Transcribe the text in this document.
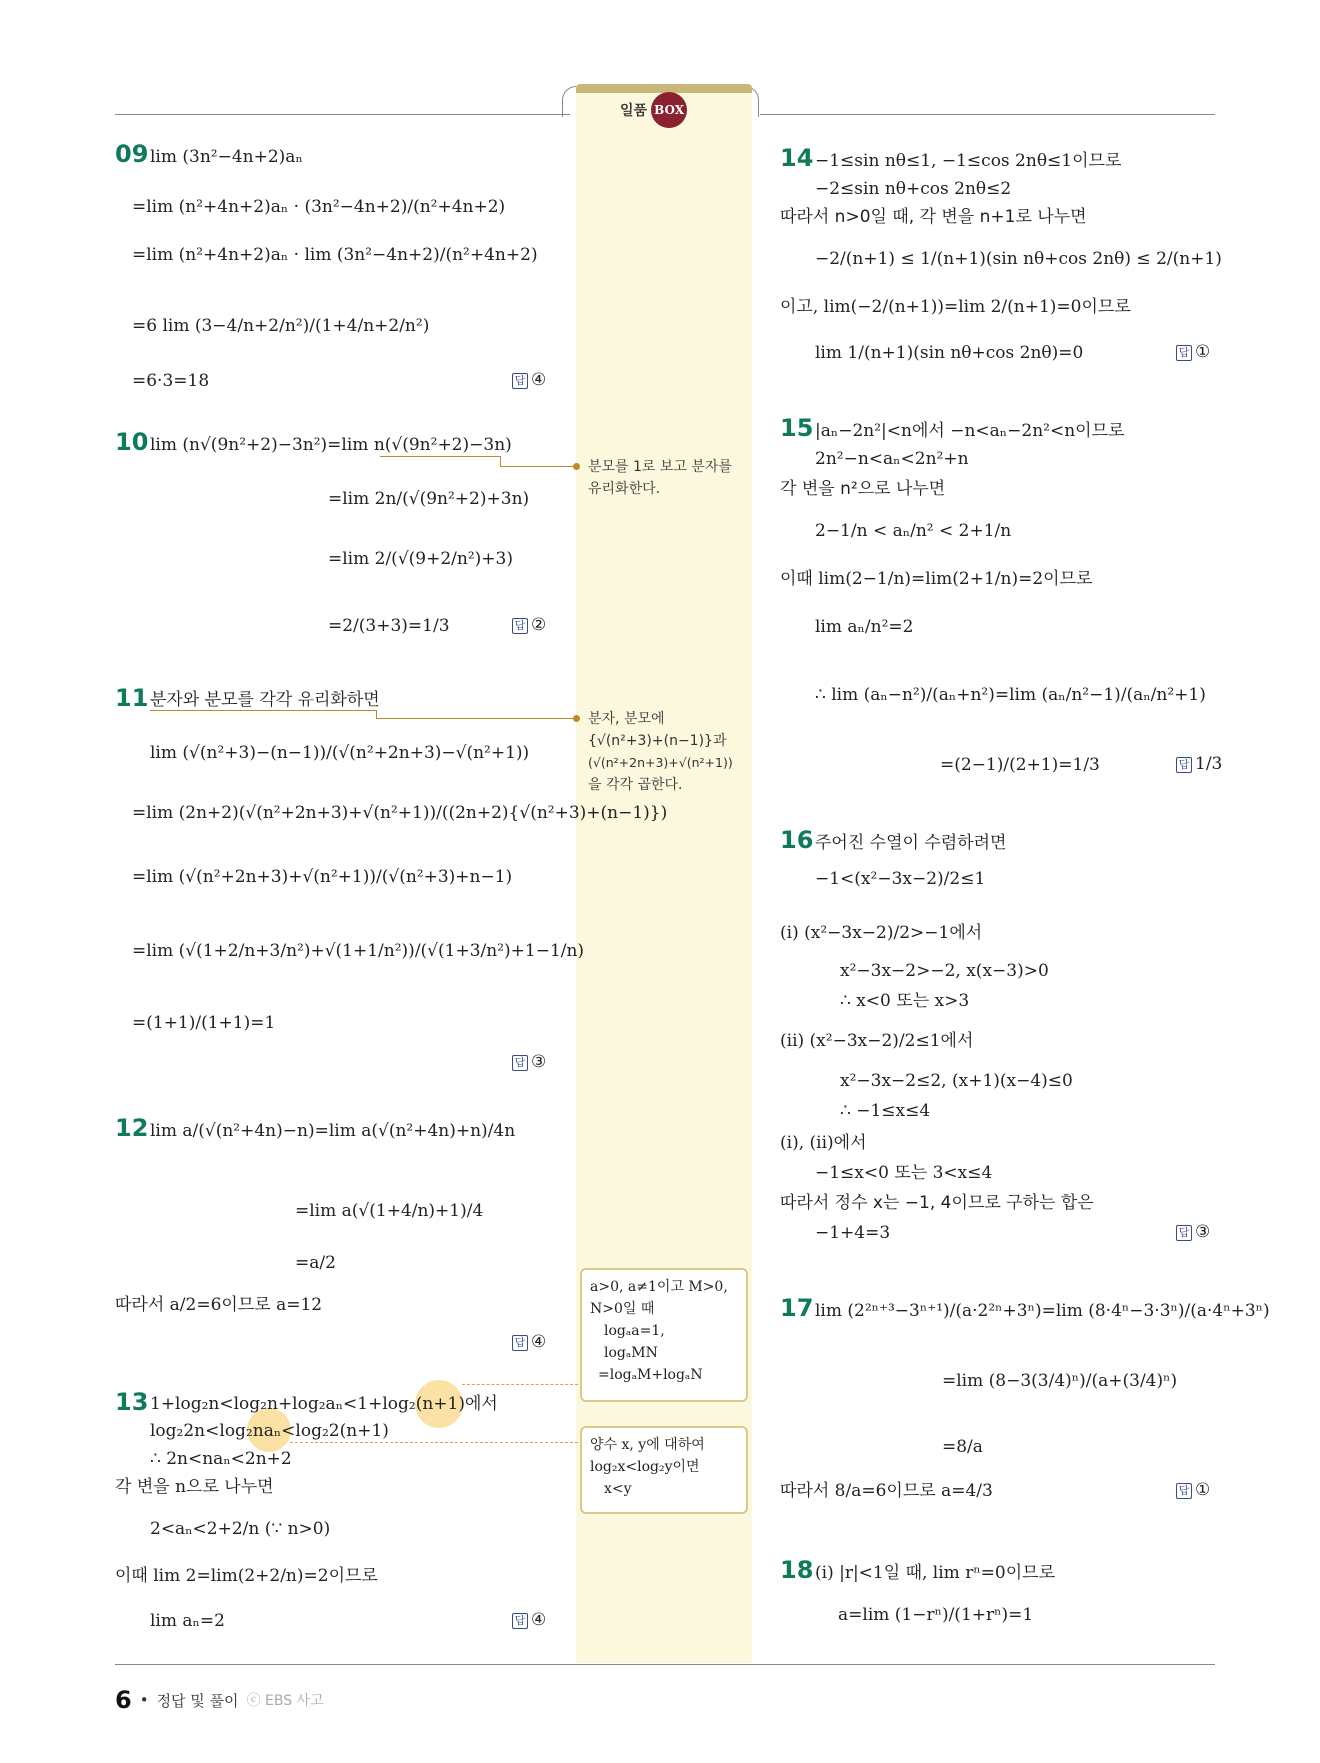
일품 BOX
09 lim (3n²−4n+2)aₙ
=lim (n²+4n+2)aₙ · (3n²−4n+2)/(n²+4n+2)
=lim (n²+4n+2)aₙ · lim (3n²−4n+2)/(n²+4n+2)
=6 lim (3−4/n+2/n²)/(1+4/n+2/n²)
=6·3=18	답 ④
10 lim (n√(9n²+2)−3n²)=lim n(√(9n²+2)−3n)
=lim 2n/(√(9n²+2)+3n)
=lim 2/(√(9+2/n²)+3)
=2/(3+3)=1/3	답 ②
분모를 1로 보고 분자를 유리화한다.
11 분자와 분모를 각각 유리화하면
lim (√(n²+3)−(n−1))/(√(n²+2n+3)−√(n²+1))
=lim (2n+2)(√(n²+2n+3)+√(n²+1))/((2n+2){√(n²+3)+(n−1)})
=lim (√(n²+2n+3)+√(n²+1))/(√(n²+3)+n−1)
=lim (√(1+2/n+3/n²)+√(1+1/n²))/(√(1+3/n²)+1−1/n)
=(1+1)/(1+1)=1
답 ③
분자, 분모에
{√(n²+3)+(n−1)}과
(√(n²+2n+3)+√(n²+1))
을 각각 곱한다.
12 lim a/(√(n²+4n)−n)=lim a(√(n²+4n)+n)/4n
=lim a(√(1+4/n)+1)/4
=a/2
따라서 a/2=6이므로 a=12
답 ④
a>0, a≠1이고 M>0,
N>0일 때
logₐa=1,
logₐMN
=logₐM+logₐN
13 1+log₂n<log₂n+log₂aₙ<1+log₂(n+1)에서
log₂2n<log₂naₙ<log₂2(n+1)
∴ 2n<naₙ<2n+2
각 변을 n으로 나누면
2<aₙ<2+2/n (∵ n>0)
이때 lim 2=lim(2+2/n)=2이므로
lim aₙ=2	답 ④
양수 x, y에 대하여
log₂x<log₂y이면
x<y
14 −1≤sin nθ≤1, −1≤cos 2nθ≤1이므로
−2≤sin nθ+cos 2nθ≤2
따라서 n>0일 때, 각 변을 n+1로 나누면
−2/(n+1) ≤ 1/(n+1)(sin nθ+cos 2nθ) ≤ 2/(n+1)
이고, lim(−2/(n+1))=lim 2/(n+1)=0이므로
lim 1/(n+1)(sin nθ+cos 2nθ)=0	답 ①
15 |aₙ−2n²|<n에서 −n<aₙ−2n²<n이므로
2n²−n<aₙ<2n²+n
각 변을 n²으로 나누면
2−1/n < aₙ/n² < 2+1/n
이때 lim(2−1/n)=lim(2+1/n)=2이므로
lim aₙ/n²=2
∴ lim (aₙ−n²)/(aₙ+n²)=lim (aₙ/n²−1)/(aₙ/n²+1)
=(2−1)/(2+1)=1/3	답 1/3
16 주어진 수열이 수렴하려면
−1<(x²−3x−2)/2≤1
(i) (x²−3x−2)/2>−1에서
x²−3x−2>−2, x(x−3)>0
∴ x<0 또는 x>3
(ii) (x²−3x−2)/2≤1에서
x²−3x−2≤2, (x+1)(x−4)≤0
∴ −1≤x≤4
(i), (ii)에서
−1≤x<0 또는 3<x≤4
따라서 정수 x는 −1, 4이므로 구하는 합은
−1+4=3	답 ③
17 lim (2²ⁿ⁺³−3ⁿ⁺¹)/(a·2²ⁿ+3ⁿ)=lim (8·4ⁿ−3·3ⁿ)/(a·4ⁿ+3ⁿ)
=lim (8−3(3/4)ⁿ)/(a+(3/4)ⁿ)
=8/a
따라서 8/a=6이므로 a=4/3	답 ①
18 (i) |r|<1일 때, lim rⁿ=0이므로
a=lim (1−rⁿ)/(1+rⁿ)=1
6 • 정답 및 풀이 ⓒ EBS 사고
